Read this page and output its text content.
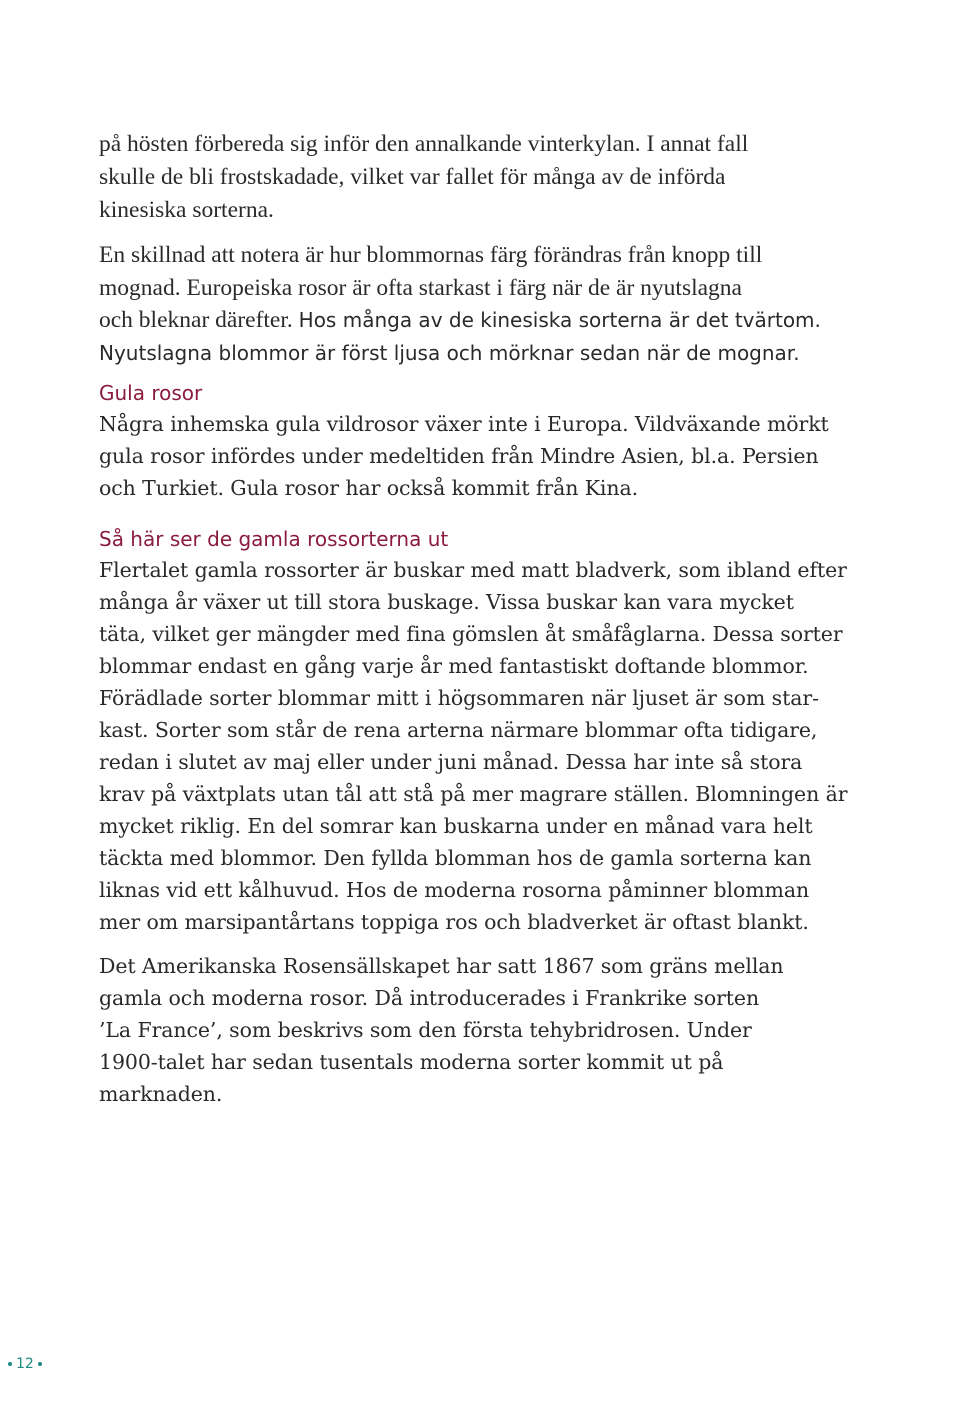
på hösten förbereda sig inför den annalkande vinterkylan. I annat fall
skulle de bli frostskadade, vilket var fallet för många av de införda
kinesiska sorterna.
En skillnad att notera är hur blommornas färg förändras från knopp till
mognad. Europeiska rosor är ofta starkast i färg när de är nyutslagna
och bleknar därefter. Hos många av de kinesiska sorterna är det tvärtom.
Nyutslagna blommor är först ljusa och mörknar sedan när de mognar.
Gula rosor
Några inhemska gula vildrosor växer inte i Europa. Vildväxande mörkt
gula rosor infördes under medeltiden från Mindre Asien, bl.a. Persien
och Turkiet. Gula rosor har också kommit från Kina.
Så här ser de gamla rossorterna ut
Flertalet gamla rossorter är buskar med matt bladverk, som ibland efter
många år växer ut till stora buskage. Vissa buskar kan vara mycket
täta, vilket ger mängder med fina gömslen åt småfåglarna. Dessa sorter
blommar endast en gång varje år med fantastiskt doftande blommor.
Förädlade sorter blommar mitt i högsommaren när ljuset är som star-
kast. Sorter som står de rena arterna närmare blommar ofta tidigare,
redan i slutet av maj eller under juni månad. Dessa har inte så stora
krav på växtplats utan tål att stå på mer magrare ställen. Blomningen är
mycket riklig. En del somrar kan buskarna under en månad vara helt
täckta med blommor. Den fyllda blomman hos de gamla sorterna kan
liknas vid ett kålhuvud. Hos de moderna rosorna påminner blomman
mer om marsipantårtans toppiga ros och bladverket är oftast blankt.
Det Amerikanska Rosensällskapet har satt 1867 som gräns mellan
gamla och moderna rosor. Då introducerades i Frankrike sorten
’La France’, som beskrivs som den första tehybridrosen. Under
1900-talet har sedan tusentals moderna sorter kommit ut på
marknaden.
12
